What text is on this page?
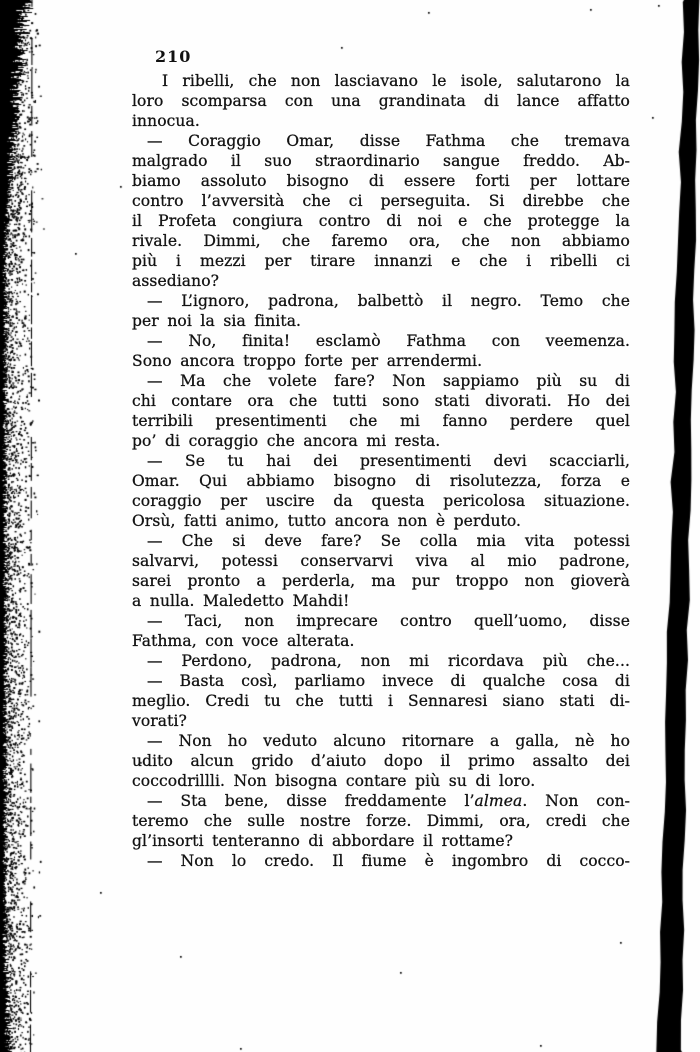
210
I ribelli, che non lasciavano le isole, salutarono la
loro scomparsa con una grandinata di lance affatto
innocua.
— Coraggio Omar, disse Fathma che tremava
malgrado il suo straordinario sangue freddo. Ab-
biamo assoluto bisogno di essere forti per lottare
contro l’avversità che ci perseguita. Si direbbe che
il Profeta congiura contro di noi e che protegge la
rivale. Dimmi, che faremo ora, che non abbiamo
più i mezzi per tirare innanzi e che i ribelli ci
assediano?
— L’ignoro, padrona, balbettò il negro. Temo che
per noi la sia finita.
— No, finita! esclamò Fathma con veemenza.
Sono ancora troppo forte per arrendermi.
— Ma che volete fare? Non sappiamo più su di
chi contare ora che tutti sono stati divorati. Ho dei
terribili presentimenti che mi fanno perdere quel
po’ di coraggio che ancora mi resta.
— Se tu hai dei presentimenti devi scacciarli,
Omar. Qui abbiamo bisogno di risolutezza, forza e
coraggio per uscire da questa pericolosa situazione.
Orsù, fatti animo, tutto ancora non è perduto.
— Che si deve fare? Se colla mia vita potessi
salvarvi, potessi conservarvi viva al mio padrone,
sarei pronto a perderla, ma pur troppo non gioverà
a nulla. Maledetto Mahdi!
— Taci, non imprecare contro quell’uomo, disse
Fathma, con voce alterata.
— Perdono, padrona, non mi ricordava più che...
— Basta così, parliamo invece di qualche cosa di
meglio. Credi tu che tutti i Sennaresi siano stati di-
vorati?
— Non ho veduto alcuno ritornare a galla, nè ho
udito alcun grido d’aiuto dopo il primo assalto dei
coccodrillli. Non bisogna contare più su di loro.
— Sta bene, disse freddamente l’almea. Non con-
teremo che sulle nostre forze. Dimmi, ora, credi che
gl’insorti tenteranno di abbordare il rottame?
— Non lo credo. Il fiume è ingombro di cocco-
